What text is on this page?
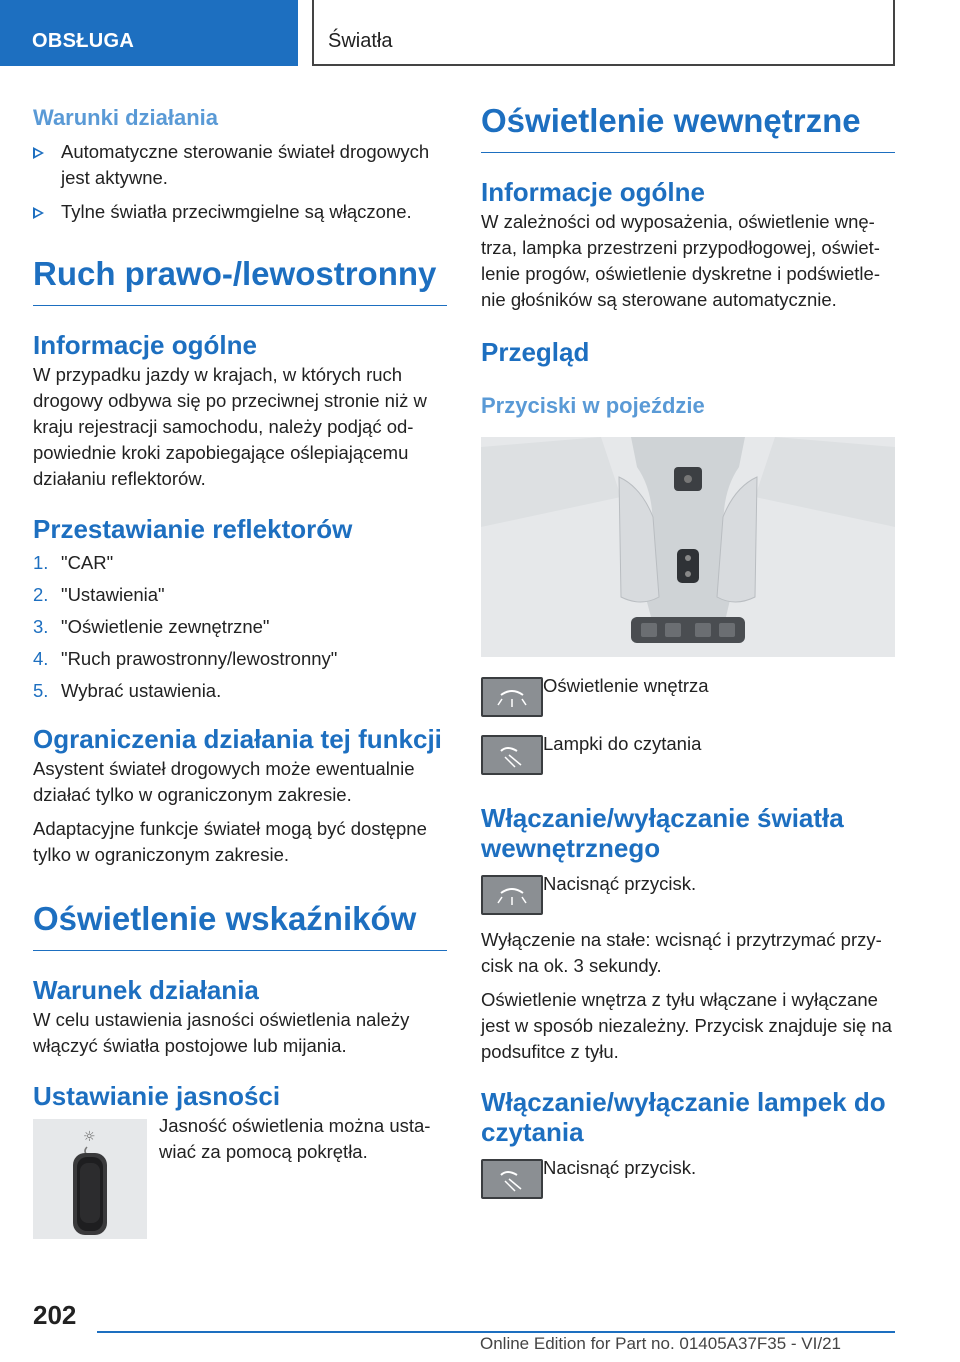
OBSŁUGA	Światła
Warunki działania
Automatyczne sterowanie świateł drogowych jest aktywne.
Tylne światła przeciwmgielne są włączone.
Ruch prawo-/lewostronny
Informacje ogólne

W przypadku jazdy w krajach, w których ruch drogowy odbywa się po przeciwnej stronie niż w kraju rejestracji samochodu, należy podjąć od-powiednie kroki zapobiegające oślepiającemu działaniu reflektorów.

Przestawianie reflektorów
1. "CAR"
2. "Ustawienia"
3. "Oświetlenie zewnętrzne"
4. "Ruch prawostronny/lewostronny"
5. Wybrać ustawienia.
Ograniczenia działania tej funkcji

Asystent świateł drogowych może ewentualnie działać tylko w ograniczonym zakresie.

Adaptacyjne funkcje świateł mogą być dostępne tylko w ograniczonym zakresie.

Oświetlenie wskaźników
Warunek działania

W celu ustawienia jasności oświetlenia należy włączyć światła postojowe lub mijania.

Ustawianie jasności
☼

Jasność oświetlenia można usta-wiać za pomocą pokrętła.

Oświetlenie wewnętrzne
Informacje ogólne

W zależności od wyposażenia, oświetlenie wnę-trza, lampka przestrzeni przypodłogowej, oświet-lenie progów, oświetlenie dyskretne i podświetle-nie głośników są sterowane automatycznie.

Przegląd
Przyciski w pojeździe

Oświetlenie wnętrza

Lampki do czytania

Włączanie/wyłączanie światła wewnętrznego

Nacisnąć przycisk.

Wyłączenie na stałe: wcisnąć i przytrzymać przy-cisk na ok. 3 sekundy.

Oświetlenie wnętrza z tyłu włączane i wyłączane jest w sposób niezależny. Przycisk znajduje się na podsufitce z tyłu.

Włączanie/wyłączanie lampek do czytania

Nacisnąć przycisk.

202
Online Edition for Part no. 01405A37F35 - VI/21
